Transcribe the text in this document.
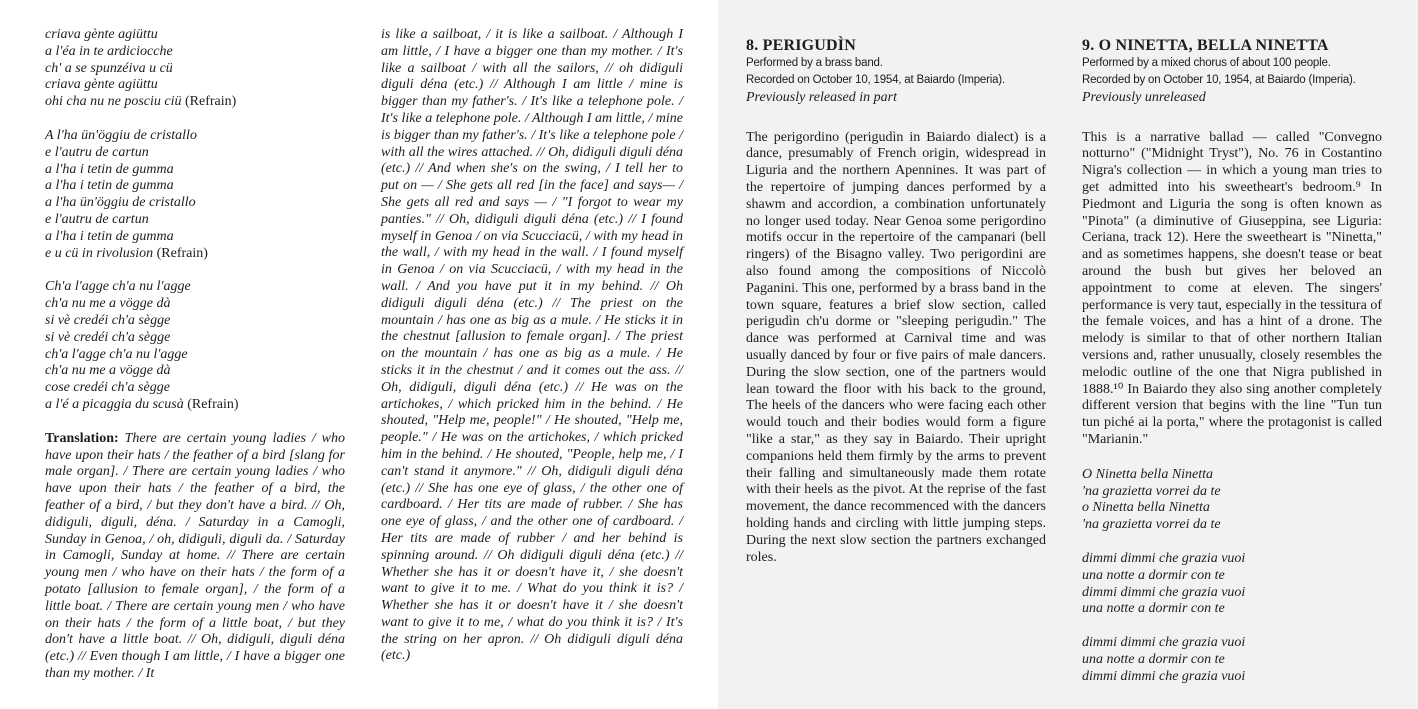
criava gènte agiüttu
a l'éa in te ardiciocche
ch' a se spunzéiva u cü
criava gènte agiüttu
ohi cha nu ne posciu ciü (Refrain)
A l'ha ün'öggiu de cristallo
e l'autru de cartun
a l'ha i tetin de gumma
a l'ha i tetin de gumma
a l'ha ün'öggiu de cristallo
e l'autru de cartun
a l'ha i tetin de gumma
e u cü in rivolusion (Refrain)
Ch'a l'agge ch'a nu l'agge
ch'a nu me a vögge dà
si vè credéi ch'a sègge
si vè credéi ch'a sègge
ch'a l'agge ch'a nu l'agge
ch'a nu me a vögge dà
cose credéi ch'a sègge
a l'é a picaggia du scusà (Refrain)

Translation: There are certain young ladies / who have upon their hats / the feather of a bird [slang for male organ]. / There are certain young ladies / who have upon their hats / the feather of a bird, the feather of a bird, / but they don't have a bird. // Oh, didiguli, diguli, déna. / Saturday in a Camogli, Sunday in Genoa, / oh, didiguli, diguli da. / Saturday in Camogli, Sunday at home. // There are certain young men / who have on their hats / the form of a potato [allusion to female organ], / the form of a little boat. / There are certain young men / who have on their hats / the form of a little boat, / but they don't have a little boat. // Oh, didiguli, diguli déna (etc.) // Even though I am little, / I have a bigger one than my mother. / It

is like a sailboat, / it is like a sailboat. / Although I am little, / I have a bigger one than my mother. / It's like a sailboat / with all the sailors, // oh didiguli diguli déna (etc.) // Although I am little / mine is bigger than my father's. / It's like a telephone pole. / It's like a telephone pole. / Although I am little, / mine is bigger than my father's. / It's like a telephone pole / with all the wires attached. // Oh, didiguli diguli déna (etc.) // And when she's on the swing, / I tell her to put on — / She gets all red [in the face] and says— / She gets all red and says — / "I forgot to wear my panties." // Oh, didiguli diguli déna (etc.) // I found myself in Genoa / on via Scucciacü, / with my head in the wall, / with my head in the wall. / I found myself in Genoa / on via Scucciacü, / with my head in the wall. / And you have put it in my behind. // Oh didiguli diguli déna (etc.) // The priest on the mountain / has one as big as a mule. / He sticks it in the chestnut [allusion to female organ]. / The priest on the mountain / has one as big as a mule. / He sticks it in the chestnut / and it comes out the ass. // Oh, didiguli, diguli déna (etc.) // He was on the artichokes, / which pricked him in the behind. / He shouted, "Help me, people!" / He shouted, "Help me, people." / He was on the artichokes, / which pricked him in the behind. / He shouted, "People, help me, / I can't stand it anymore." // Oh, didiguli diguli déna (etc.) // She has one eye of glass, / the other one of cardboard. / Her tits are made of rubber. / She has one eye of glass, / and the other one of cardboard. / Her tits are made of rubber / and her behind is spinning around. // Oh didiguli diguli déna (etc.) // Whether she has it or doesn't have it, / she doesn't want to give it to me. / What do you think it is? / Whether she has it or doesn't have it / she doesn't want to give it to me, / what do you think it is? / It's the string on her apron. // Oh didiguli diguli déna (etc.)

8. PERIGUDÌN
Performed by a brass band.
Recorded on October 10, 1954, at Baiardo (Imperia).
Previously released in part

The perigordino (perigudìn in Baiardo dialect) is a dance, presumably of French origin, widespread in Liguria and the northern Apennines. It was part of the repertoire of jumping dances performed by a shawm and accordion, a combination unfortunately no longer used today. Near Genoa some perigordino motifs occur in the repertoire of the campanari (bell ringers) of the Bisagno valley. Two perigordini are also found among the compositions of Niccolò Paganini. This one, performed by a brass band in the town square, features a brief slow section, called perigudìn ch'u dorme or "sleeping perigudìn." The dance was performed at Carnival time and was usually danced by four or five pairs of male dancers. During the slow section, one of the partners would lean toward the floor with his back to the ground, The heels of the dancers who were facing each other would touch and their bodies would form a figure "like a star," as they say in Baiardo. Their upright companions held them firmly by the arms to prevent their falling and simultaneously made them rotate with their heels as the pivot. At the reprise of the fast movement, the dance recommenced with the dancers holding hands and circling with little jumping steps. During the next slow section the partners exchanged roles.

9. O NINETTA, BELLA NINETTA
Performed by a mixed chorus of about 100 people.
Recorded by on October 10, 1954, at Baiardo (Imperia).
Previously unreleased

This is a narrative ballad — called "Convegno notturno" ("Midnight Tryst"), No. 76 in Costantino Nigra's collection — in which a young man tries to get admitted into his sweetheart's bedroom.⁹ In Piedmont and Liguria the song is often known as "Pinota" (a diminutive of Giuseppina, see Liguria: Ceriana, track 12). Here the sweetheart is "Ninetta," and as sometimes happens, she doesn't tease or beat around the bush but gives her beloved an appointment to come at eleven. The singers' performance is very taut, especially in the tessitura of the female voices, and has a hint of a drone. The melody is similar to that of other northern Italian versions and, rather unusually, closely resembles the melodic outline of the one that Nigra published in 1888.¹⁰ In Baiardo they also sing another completely different version that begins with the line "Tun tun tun piché ai la porta," where the protagonist is called "Marianin."

O Ninetta bella Ninetta
'na grazietta vorrei da te
o Ninetta bella Ninetta
'na grazietta vorrei da te
dimmi dimmi che grazia vuoi
una notte a dormir con te
dimmi dimmi che grazia vuoi
una notte a dormir con te
dimmi dimmi che grazia vuoi
una notte a dormir con te
dimmi dimmi che grazia vuoi
